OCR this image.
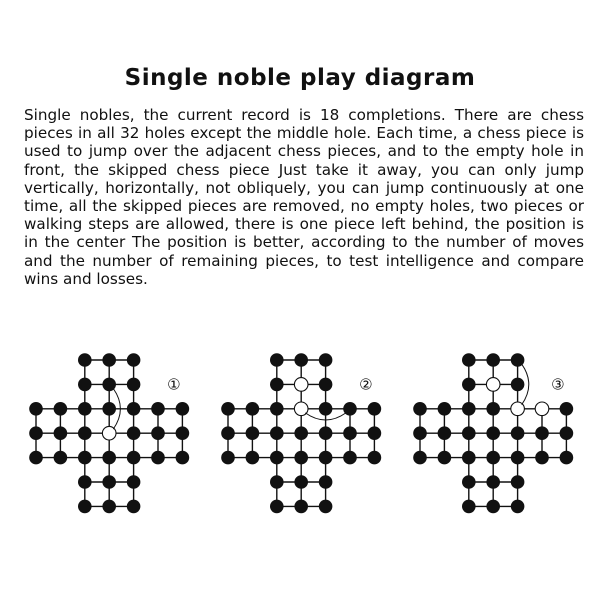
Single noble play diagram

Single nobles, the current record is 18 completions. There are chess pieces in all 32 holes except the middle hole. Each time, a chess piece is used to jump over the adjacent chess pieces, and to the empty hole in front, the skipped chess piece Just take it away, you can only jump vertically, horizontally, not obliquely, you can jump continuously at one time, all the skipped pieces are removed, no empty holes, two pieces or walking steps are allowed, there is one piece left behind, the position is in the center The position is better, according to the number of moves and the number of remaining pieces, to test intelligence and compare wins and losses.

①	②	③
